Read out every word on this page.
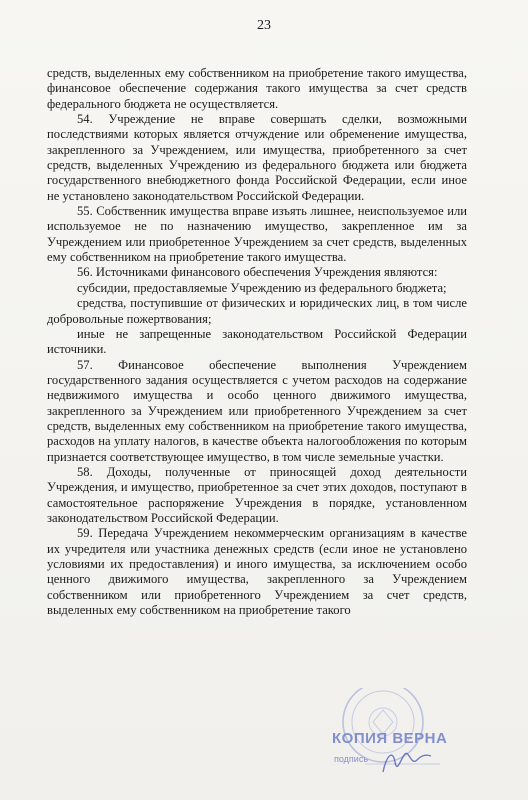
23

средств, выделенных ему собственником на приобретение такого имущества, финансовое обеспечение содержания такого имущества за счет средств федерального бюджета не осуществляется.

54. Учреждение не вправе совершать сделки, возможными последствиями которых является отчуждение или обременение имущества, закрепленного за Учреждением, или имущества, приобретенного за счет средств, выделенных Учреждению из федерального бюджета или бюджета государственного внебюджетного фонда Российской Федерации, если иное не установлено законодательством Российской Федерации.

55. Собственник имущества вправе изъять лишнее, неиспользуемое или используемое не по назначению имущество, закрепленное им за Учреждением или приобретенное Учреждением за счет средств, выделенных ему собственником на приобретение такого имущества.

56. Источниками финансового обеспечения Учреждения являются:

субсидии, предоставляемые Учреждению из федерального бюджета;

средства, поступившие от физических и юридических лиц, в том числе добровольные пожертвования;

иные не запрещенные законодательством Российской Федерации источники.

57. Финансовое обеспечение выполнения Учреждением государственного задания осуществляется с учетом расходов на содержание недвижимого имущества и особо ценного движимого имущества, закрепленного за Учреждением или приобретенного Учреждением за счет средств, выделенных ему собственником на приобретение такого имущества, расходов на уплату налогов, в качестве объекта налогообложения по которым признается соответствующее имущество, в том числе земельные участки.

58. Доходы, полученные от приносящей доход деятельности Учреждения, и имущество, приобретенное за счет этих доходов, поступают в самостоятельное распоряжение Учреждения в порядке, установленном законодательством Российской Федерации.

59. Передача Учреждением некоммерческим организациям в качестве их учредителя или участника денежных средств (если иное не установлено условиями их предоставления) и иного имущества, за исключением особо ценного движимого имущества, закрепленного за Учреждением собственником или приобретенного Учреждением за счет средств, выделенных ему собственником на приобретение такого

КОПИЯ ВЕРНА
подпись
